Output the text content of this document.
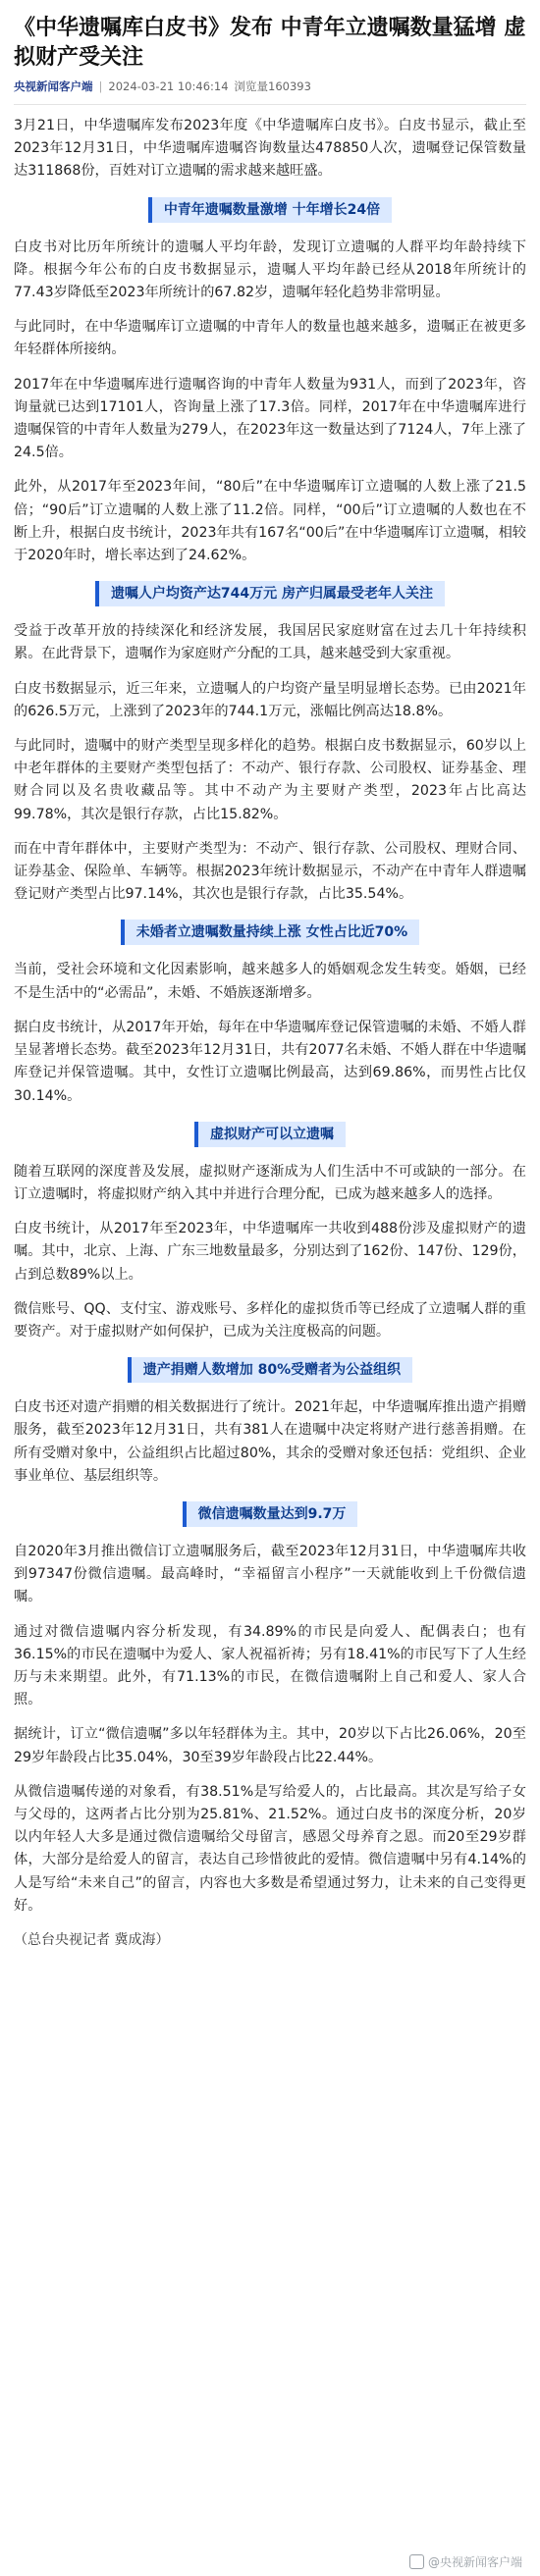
《中华遗嘱库白皮书》发布 中青年立遗嘱数量猛增 虚拟财产受关注
央视新闻客户端 | 2024-03-21 10:46:14 浏览量160393

3月21日，中华遗嘱库发布2023年度《中华遗嘱库白皮书》。白皮书显示，截止至2023年12月31日，中华遗嘱库遗嘱咨询数量达478850人次，遗嘱登记保管数量达311868份，百姓对订立遗嘱的需求越来越旺盛。

中青年遗嘱数量激增 十年增长24倍

白皮书对比历年所统计的遗嘱人平均年龄，发现订立遗嘱的人群平均年龄持续下降。根据今年公布的白皮书数据显示，遗嘱人平均年龄已经从2018年所统计的77.43岁降低至2023年所统计的67.82岁，遗嘱年轻化趋势非常明显。

与此同时，在中华遗嘱库订立遗嘱的中青年人的数量也越来越多，遗嘱正在被更多年轻群体所接纳。

2017年在中华遗嘱库进行遗嘱咨询的中青年人数量为931人，而到了2023年，咨询量就已达到17101人，咨询量上涨了17.3倍。同样，2017年在中华遗嘱库进行遗嘱保管的中青年人数量为279人，在2023年这一数量达到了7124人，7年上涨了24.5倍。

此外，从2017年至2023年间，“80后”在中华遗嘱库订立遗嘱的人数上涨了21.5倍；“90后”订立遗嘱的人数上涨了11.2倍。同样，“00后”订立遗嘱的人数也在不断上升，根据白皮书统计，2023年共有167名“00后”在中华遗嘱库订立遗嘱，相较于2020年时，增长率达到了24.62%。

遗嘱人户均资产达744万元 房产归属最受老年人关注

受益于改革开放的持续深化和经济发展，我国居民家庭财富在过去几十年持续积累。在此背景下，遗嘱作为家庭财产分配的工具，越来越受到大家重视。

白皮书数据显示，近三年来，立遗嘱人的户均资产量呈明显增长态势。已由2021年的626.5万元，上涨到了2023年的744.1万元，涨幅比例高达18.8%。

与此同时，遗嘱中的财产类型呈现多样化的趋势。根据白皮书数据显示，60岁以上中老年群体的主要财产类型包括了：不动产、银行存款、公司股权、证券基金、理财合同以及名贵收藏品等。其中不动产为主要财产类型，2023年占比高达99.78%，其次是银行存款，占比15.82%。

而在中青年群体中，主要财产类型为：不动产、银行存款、公司股权、理财合同、证券基金、保险单、车辆等。根据2023年统计数据显示，不动产在中青年人群遗嘱登记财产类型占比97.14%，其次也是银行存款，占比35.54%。

未婚者立遗嘱数量持续上涨 女性占比近70%

当前，受社会环境和文化因素影响，越来越多人的婚姻观念发生转变。婚姻，已经不是生活中的“必需品”，未婚、不婚族逐渐增多。

据白皮书统计，从2017年开始，每年在中华遗嘱库登记保管遗嘱的未婚、不婚人群呈显著增长态势。截至2023年12月31日，共有2077名未婚、不婚人群在中华遗嘱库登记并保管遗嘱。其中，女性订立遗嘱比例最高，达到69.86%，而男性占比仅30.14%。

虚拟财产可以立遗嘱

随着互联网的深度普及发展，虚拟财产逐渐成为人们生活中不可或缺的一部分。在订立遗嘱时，将虚拟财产纳入其中并进行合理分配，已成为越来越多人的选择。

白皮书统计，从2017年至2023年，中华遗嘱库一共收到488份涉及虚拟财产的遗嘱。其中，北京、上海、广东三地数量最多，分别达到了162份、147份、129份，占到总数89%以上。

微信账号、QQ、支付宝、游戏账号、多样化的虚拟货币等已经成了立遗嘱人群的重要资产。对于虚拟财产如何保护，已成为关注度极高的问题。

遗产捐赠人数增加 80%受赠者为公益组织

白皮书还对遗产捐赠的相关数据进行了统计。2021年起，中华遗嘱库推出遗产捐赠服务，截至2023年12月31日，共有381人在遗嘱中决定将财产进行慈善捐赠。在所有受赠对象中，公益组织占比超过80%，其余的受赠对象还包括：党组织、企业事业单位、基层组织等。

微信遗嘱数量达到9.7万

自2020年3月推出微信订立遗嘱服务后，截至2023年12月31日，中华遗嘱库共收到97347份微信遗嘱。最高峰时，“幸福留言小程序”一天就能收到上千份微信遗嘱。

通过对微信遗嘱内容分析发现，有34.89%的市民是向爱人、配偶表白；也有36.15%的市民在遗嘱中为爱人、家人祝福祈祷；另有18.41%的市民写下了人生经历与未来期望。此外，有71.13%的市民，在微信遗嘱附上自己和爱人、家人合照。

据统计，订立“微信遗嘱”多以年轻群体为主。其中，20岁以下占比26.06%，20至29岁年龄段占比35.04%，30至39岁年龄段占比22.44%。

从微信遗嘱传递的对象看，有38.51%是写给爱人的，占比最高。其次是写给子女与父母的，这两者占比分别为25.81%、21.52%。通过白皮书的深度分析，20岁以内年轻人大多是通过微信遗嘱给父母留言，感恩父母养育之恩。而20至29岁群体，大部分是给爱人的留言，表达自己珍惜彼此的爱情。微信遗嘱中另有4.14%的人是写给“未来自己”的留言，内容也大多数是希望通过努力，让未来的自己变得更好。

（总台央视记者 冀成海）
@央视新闻客户端
